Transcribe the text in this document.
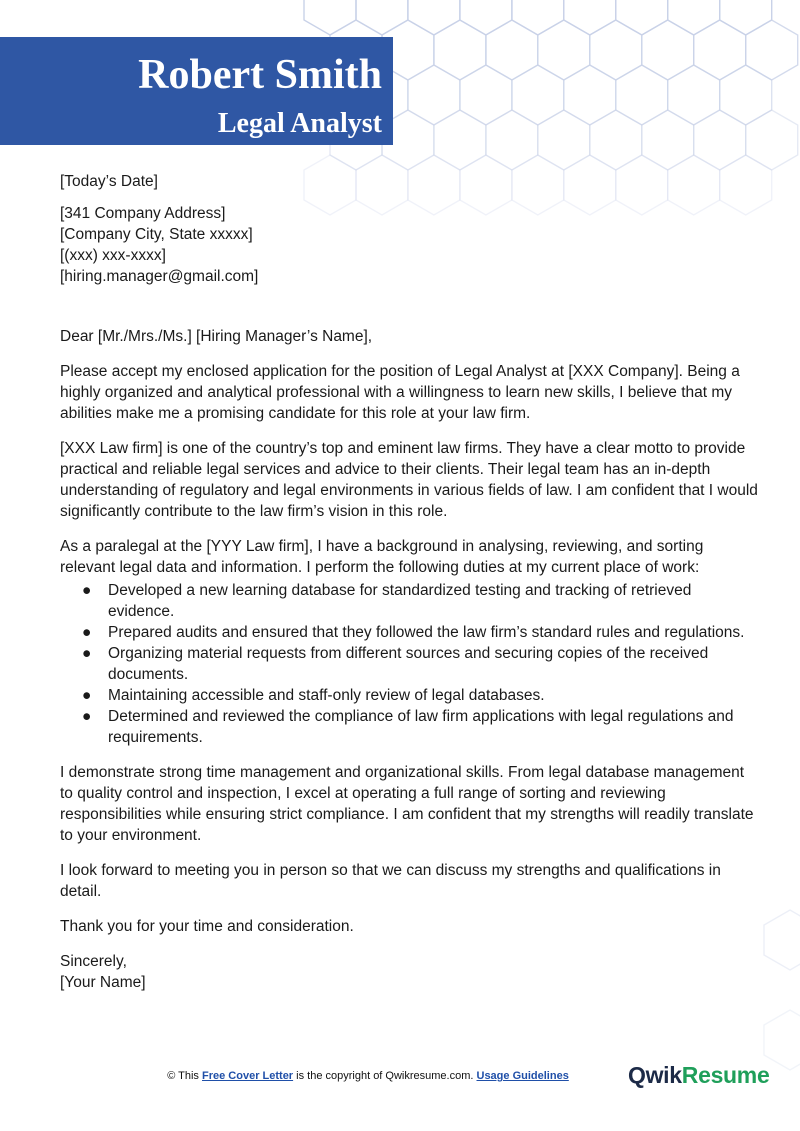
Robert Smith
Legal Analyst

[Today’s Date]

[341 Company Address]

[Company City, State xxxxx]

[(xxx) xxx-xxxx]

[hiring.manager@gmail.com]

Dear [Mr./Mrs./Ms.] [Hiring Manager’s Name],

Please accept my enclosed application for the position of Legal Analyst at [XXX Company]. Being a highly organized and analytical professional with a willingness to learn new skills, I believe that my abilities make me a promising candidate for this role at your law firm.

[XXX Law firm] is one of the country’s top and eminent law firms. They have a clear motto to provide practical and reliable legal services and advice to their clients. Their legal team has an in-depth understanding of regulatory and legal environments in various fields of law. I am confident that I would significantly contribute to the law firm’s vision in this role.

As a paralegal at the [YYY Law firm], I have a background in analysing, reviewing, and sorting relevant legal data and information. I perform the following duties at my current place of work:

● Developed a new learning database for standardized testing and tracking of retrieved evidence.
● Prepared audits and ensured that they followed the law firm’s standard rules and regulations.
● Organizing material requests from different sources and securing copies of the received documents.
● Maintaining accessible and staff-only review of legal databases.
● Determined and reviewed the compliance of law firm applications with legal regulations and requirements.

I demonstrate strong time management and organizational skills. From legal database management to quality control and inspection, I excel at operating a full range of sorting and reviewing responsibilities while ensuring strict compliance. I am confident that my strengths will readily translate to your environment.

I look forward to meeting you in person so that we can discuss my strengths and qualifications in detail.

Thank you for your time and consideration.

Sincerely,

[Your Name]

© This Free Cover Letter is the copyright of Qwikresume.com. Usage Guidelines	QwikResume
